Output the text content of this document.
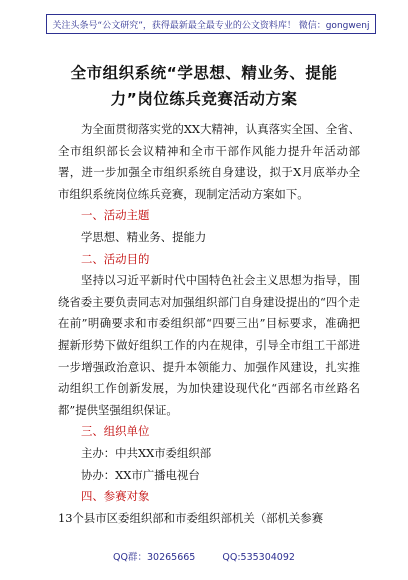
关注头条号“公文研究”，获得最新最全最专业的公文资料库！ 微信：gongwenj
全市组织系统“学思想、精业务、提能
力”岗位练兵竞赛活动方案

为全面贯彻落实党的XX大精神，认真落实全国、全省、全市组织部长会议精神和全市干部作风能力提升年活动部署，进一步加强全市组织系统自身建设，拟于X月底举办全市组织系统岗位练兵竞赛，现制定活动方案如下。

一、活动主题

学思想、精业务、提能力

二、活动目的

坚持以习近平新时代中国特色社会主义思想为指导，围绕省委主要负责同志对加强组织部门自身建设提出的“四个走在前”明确要求和市委组织部“四要三出”目标要求，准确把握新形势下做好组织工作的内在规律，引导全市组工干部进一步增强政治意识、提升本领能力、加强作风建设，扎实推动组织工作创新发展，为加快建设现代化“西部名市丝路名都”提供坚强组织保证。

三、组织单位

主办：中共XX市委组织部

协办：XX市广播电视台

四、参赛对象

13个县市区委组织部和市委组织部机关（部机关参赛

QQ群：30265665	QQ:535304092
